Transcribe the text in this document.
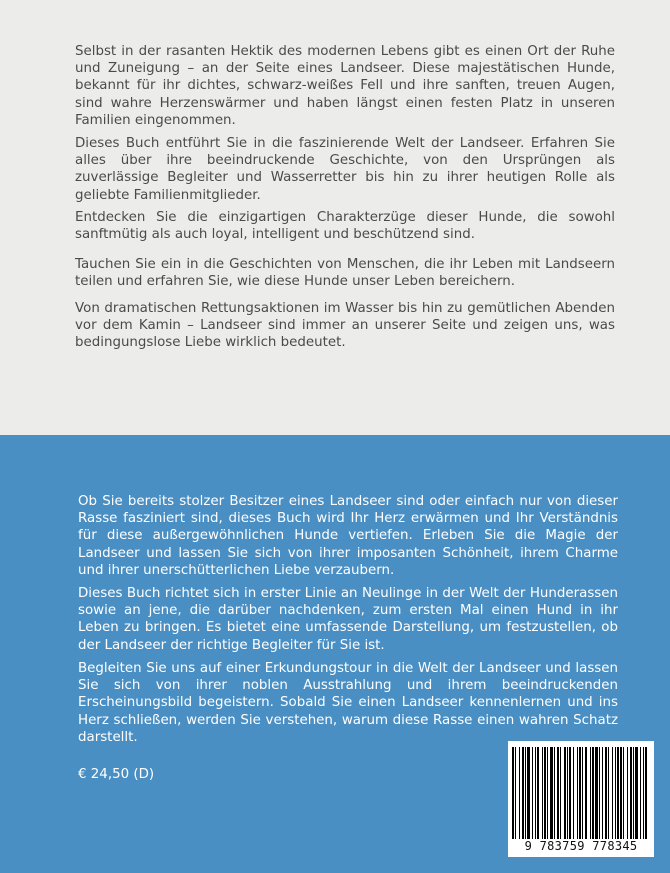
Selbst in der rasanten Hektik des modernen Lebens gibt es einen Ort der Ruhe und Zuneigung – an der Seite eines Landseer. Diese majestätischen Hunde, bekannt für ihr dichtes, schwarz-weißes Fell und ihre sanften, treuen Augen, sind wahre Herzenswärmer und haben längst einen festen Platz in unseren Familien eingenommen.

Dieses Buch entführt Sie in die faszinierende Welt der Landseer. Erfahren Sie alles über ihre beeindruckende Geschichte, von den Ursprüngen als zuverlässige Begleiter und Wasserretter bis hin zu ihrer heutigen Rolle als geliebte Familienmitglieder.

Entdecken Sie die einzigartigen Charakterzüge dieser Hunde, die sowohl sanftmütig als auch loyal, intelligent und beschützend sind.

Tauchen Sie ein in die Geschichten von Menschen, die ihr Leben mit Landseern teilen und erfahren Sie, wie diese Hunde unser Leben bereichern.

Von dramatischen Rettungsaktionen im Wasser bis hin zu gemütlichen Abenden vor dem Kamin – Landseer sind immer an unserer Seite und zeigen uns, was bedingungslose Liebe wirklich bedeutet.

Ob Sie bereits stolzer Besitzer eines Landseer sind oder einfach nur von dieser Rasse fasziniert sind, dieses Buch wird Ihr Herz erwärmen und Ihr Verständnis für diese außergewöhnlichen Hunde vertiefen. Erleben Sie die Magie der Landseer und lassen Sie sich von ihrer imposanten Schönheit, ihrem Charme und ihrer unerschütterlichen Liebe verzaubern.

Dieses Buch richtet sich in erster Linie an Neulinge in der Welt der Hunderassen sowie an jene, die darüber nachdenken, zum ersten Mal einen Hund in ihr Leben zu bringen. Es bietet eine umfassende Darstellung, um festzustellen, ob der Landseer der richtige Begleiter für Sie ist.

Begleiten Sie uns auf einer Erkundungstour in die Welt der Landseer und lassen Sie sich von ihrer noblen Ausstrahlung und ihrem beeindruckenden Erscheinungsbild begeistern. Sobald Sie einen Landseer kennenlernen und ins Herz schließen, werden Sie verstehen, warum diese Rasse einen wahren Schatz darstellt.

€ 24,50 (D)
9 783759 778345
